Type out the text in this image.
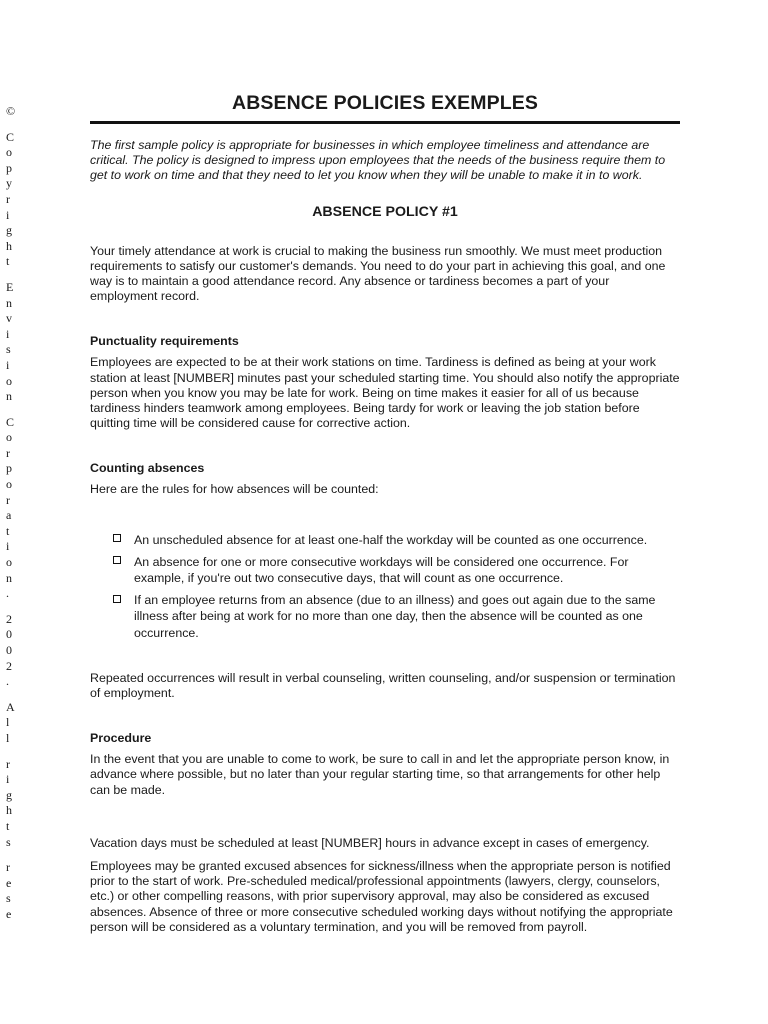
©
C
o
p
y
r
i
g
h
t
E
n
v
i
s
i
o
n
C
o
r
p
o
r
a
t
i
o
n
.
2
0
0
2
.
A
l
l
r
i
g
h
t
s
r
e
s
e
ABSENCE POLICIES EXEMPLES

The first sample policy is appropriate for businesses in which employee timeliness and attendance are critical. The policy is designed to impress upon employees that the needs of the business require them to get to work on time and that they need to let you know when they will be unable to make it in to work.

ABSENCE POLICY #1

Your timely attendance at work is crucial to making the business run smoothly. We must meet production requirements to satisfy our customer's demands. You need to do your part in achieving this goal, and one way is to maintain a good attendance record. Any absence or tardiness becomes a part of your employment record.

Punctuality requirements

Employees are expected to be at their work stations on time. Tardiness is defined as being at your work station at least [NUMBER] minutes past your scheduled starting time. You should also notify the appropriate person when you know you may be late for work. Being on time makes it easier for all of us because tardiness hinders teamwork among employees. Being tardy for work or leaving the job station before quitting time will be considered cause for corrective action.

Counting absences

Here are the rules for how absences will be counted:

An unscheduled absence for at least one-half the workday will be counted as one occurrence.
An absence for one or more consecutive workdays will be considered one occurrence. For example, if you're out two consecutive days, that will count as one occurrence.
If an employee returns from an absence (due to an illness) and goes out again due to the same illness after being at work for no more than one day, then the absence will be counted as one occurrence.

Repeated occurrences will result in verbal counseling, written counseling, and/or suspension or termination of employment.

Procedure

In the event that you are unable to come to work, be sure to call in and let the appropriate person know, in advance where possible, but no later than your regular starting time, so that arrangements for other help can be made.

Vacation days must be scheduled at least [NUMBER] hours in advance except in cases of emergency.

Employees may be granted excused absences for sickness/illness when the appropriate person is notified prior to the start of work. Pre-scheduled medical/professional appointments (lawyers, clergy, counselors, etc.) or other compelling reasons, with prior supervisory approval, may also be considered as excused absences. Absence of three or more consecutive scheduled working days without notifying the appropriate person will be considered as a voluntary termination, and you will be removed from payroll.
